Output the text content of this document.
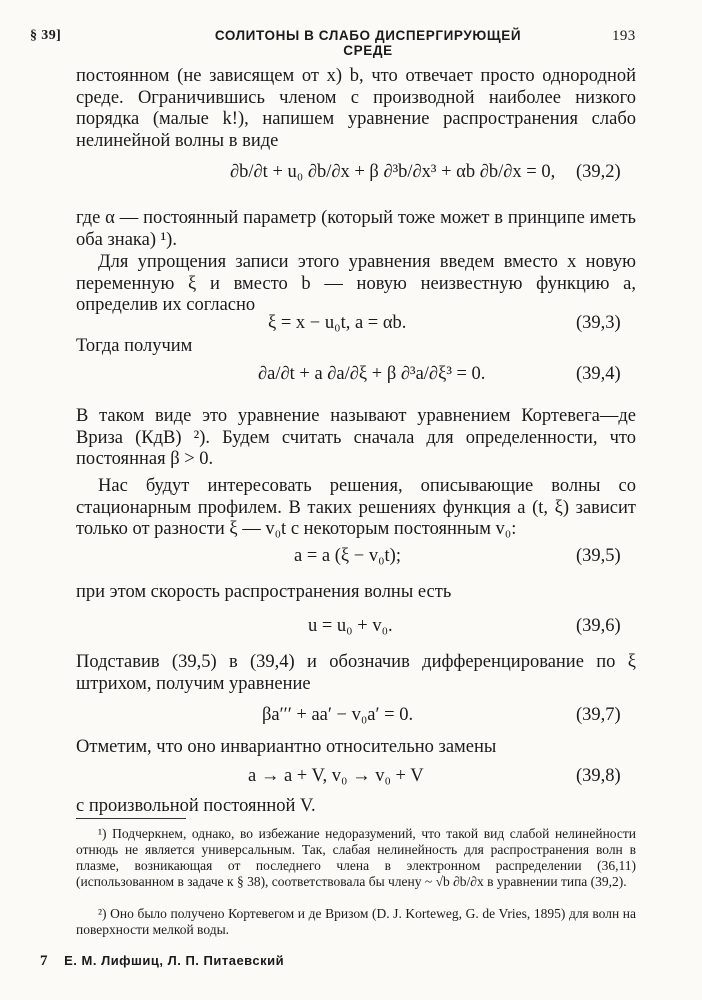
§ 39]	СОЛИТОНЫ В СЛАБО ДИСПЕРГИРУЮЩЕЙ СРЕДЕ
193
постоянном (не зависящем от x) b, что отвечает просто однородной среде. Ограничившись членом с производной наиболее низкого порядка (малые k!), напишем уравнение распространения слабо нелинейной волны в виде
∂b/∂t + u₀ ∂b/∂x + β ∂³b/∂x³ + αb ∂b/∂x = 0, (39,2)
где α — постоянный параметр (который тоже может в принципе иметь оба знака) ¹).
Для упрощения записи этого уравнения введем вместо x новую переменную ξ и вместо b — новую неизвестную функцию a, определив их согласно
ξ = x − u₀t, a = αb.	(39,3)
Тогда получим
∂a/∂t + a ∂a/∂ξ + β ∂³a/∂ξ³ = 0.	(39,4)
В таком виде это уравнение называют уравнением Кортевега—де Вриза (КдВ) ²). Будем считать сначала для определенности, что постоянная β > 0.
Нас будут интересовать решения, описывающие волны со стационарным профилем. В таких решениях функция a (t, ξ) зависит только от разности ξ — v₀t с некоторым постоянным v₀:
a = a (ξ − v₀t);	(39,5)
при этом скорость распространения волны есть
u = u₀ + v₀.	(39,6)
Подставив (39,5) в (39,4) и обозначив дифференцирование по ξ штрихом, получим уравнение
βa′′′ + aa′ − v₀a′ = 0.	(39,7)
Отметим, что оно инвариантно относительно замены
a → a + V, v₀ → v₀ + V	(39,8)
с произвольной постоянной V.
¹) Подчеркнем, однако, во избежание недоразумений, что такой вид слабой нелинейности отнюдь не является универсальным. Так, слабая нелинейность для распространения волн в плазме, возникающая от последнего члена в электронном распределении (36,11) (использованном в задаче к § 38), соответствовала бы члену ~ √b ∂b/∂x в уравнении типа (39,2).
²) Оно было получено Кортевегом и де Вризом (D. J. Korteweg, G. de Vries, 1895) для волн на поверхности мелкой воды.
7 Е. М. Лифшиц, Л. П. Питаевский
